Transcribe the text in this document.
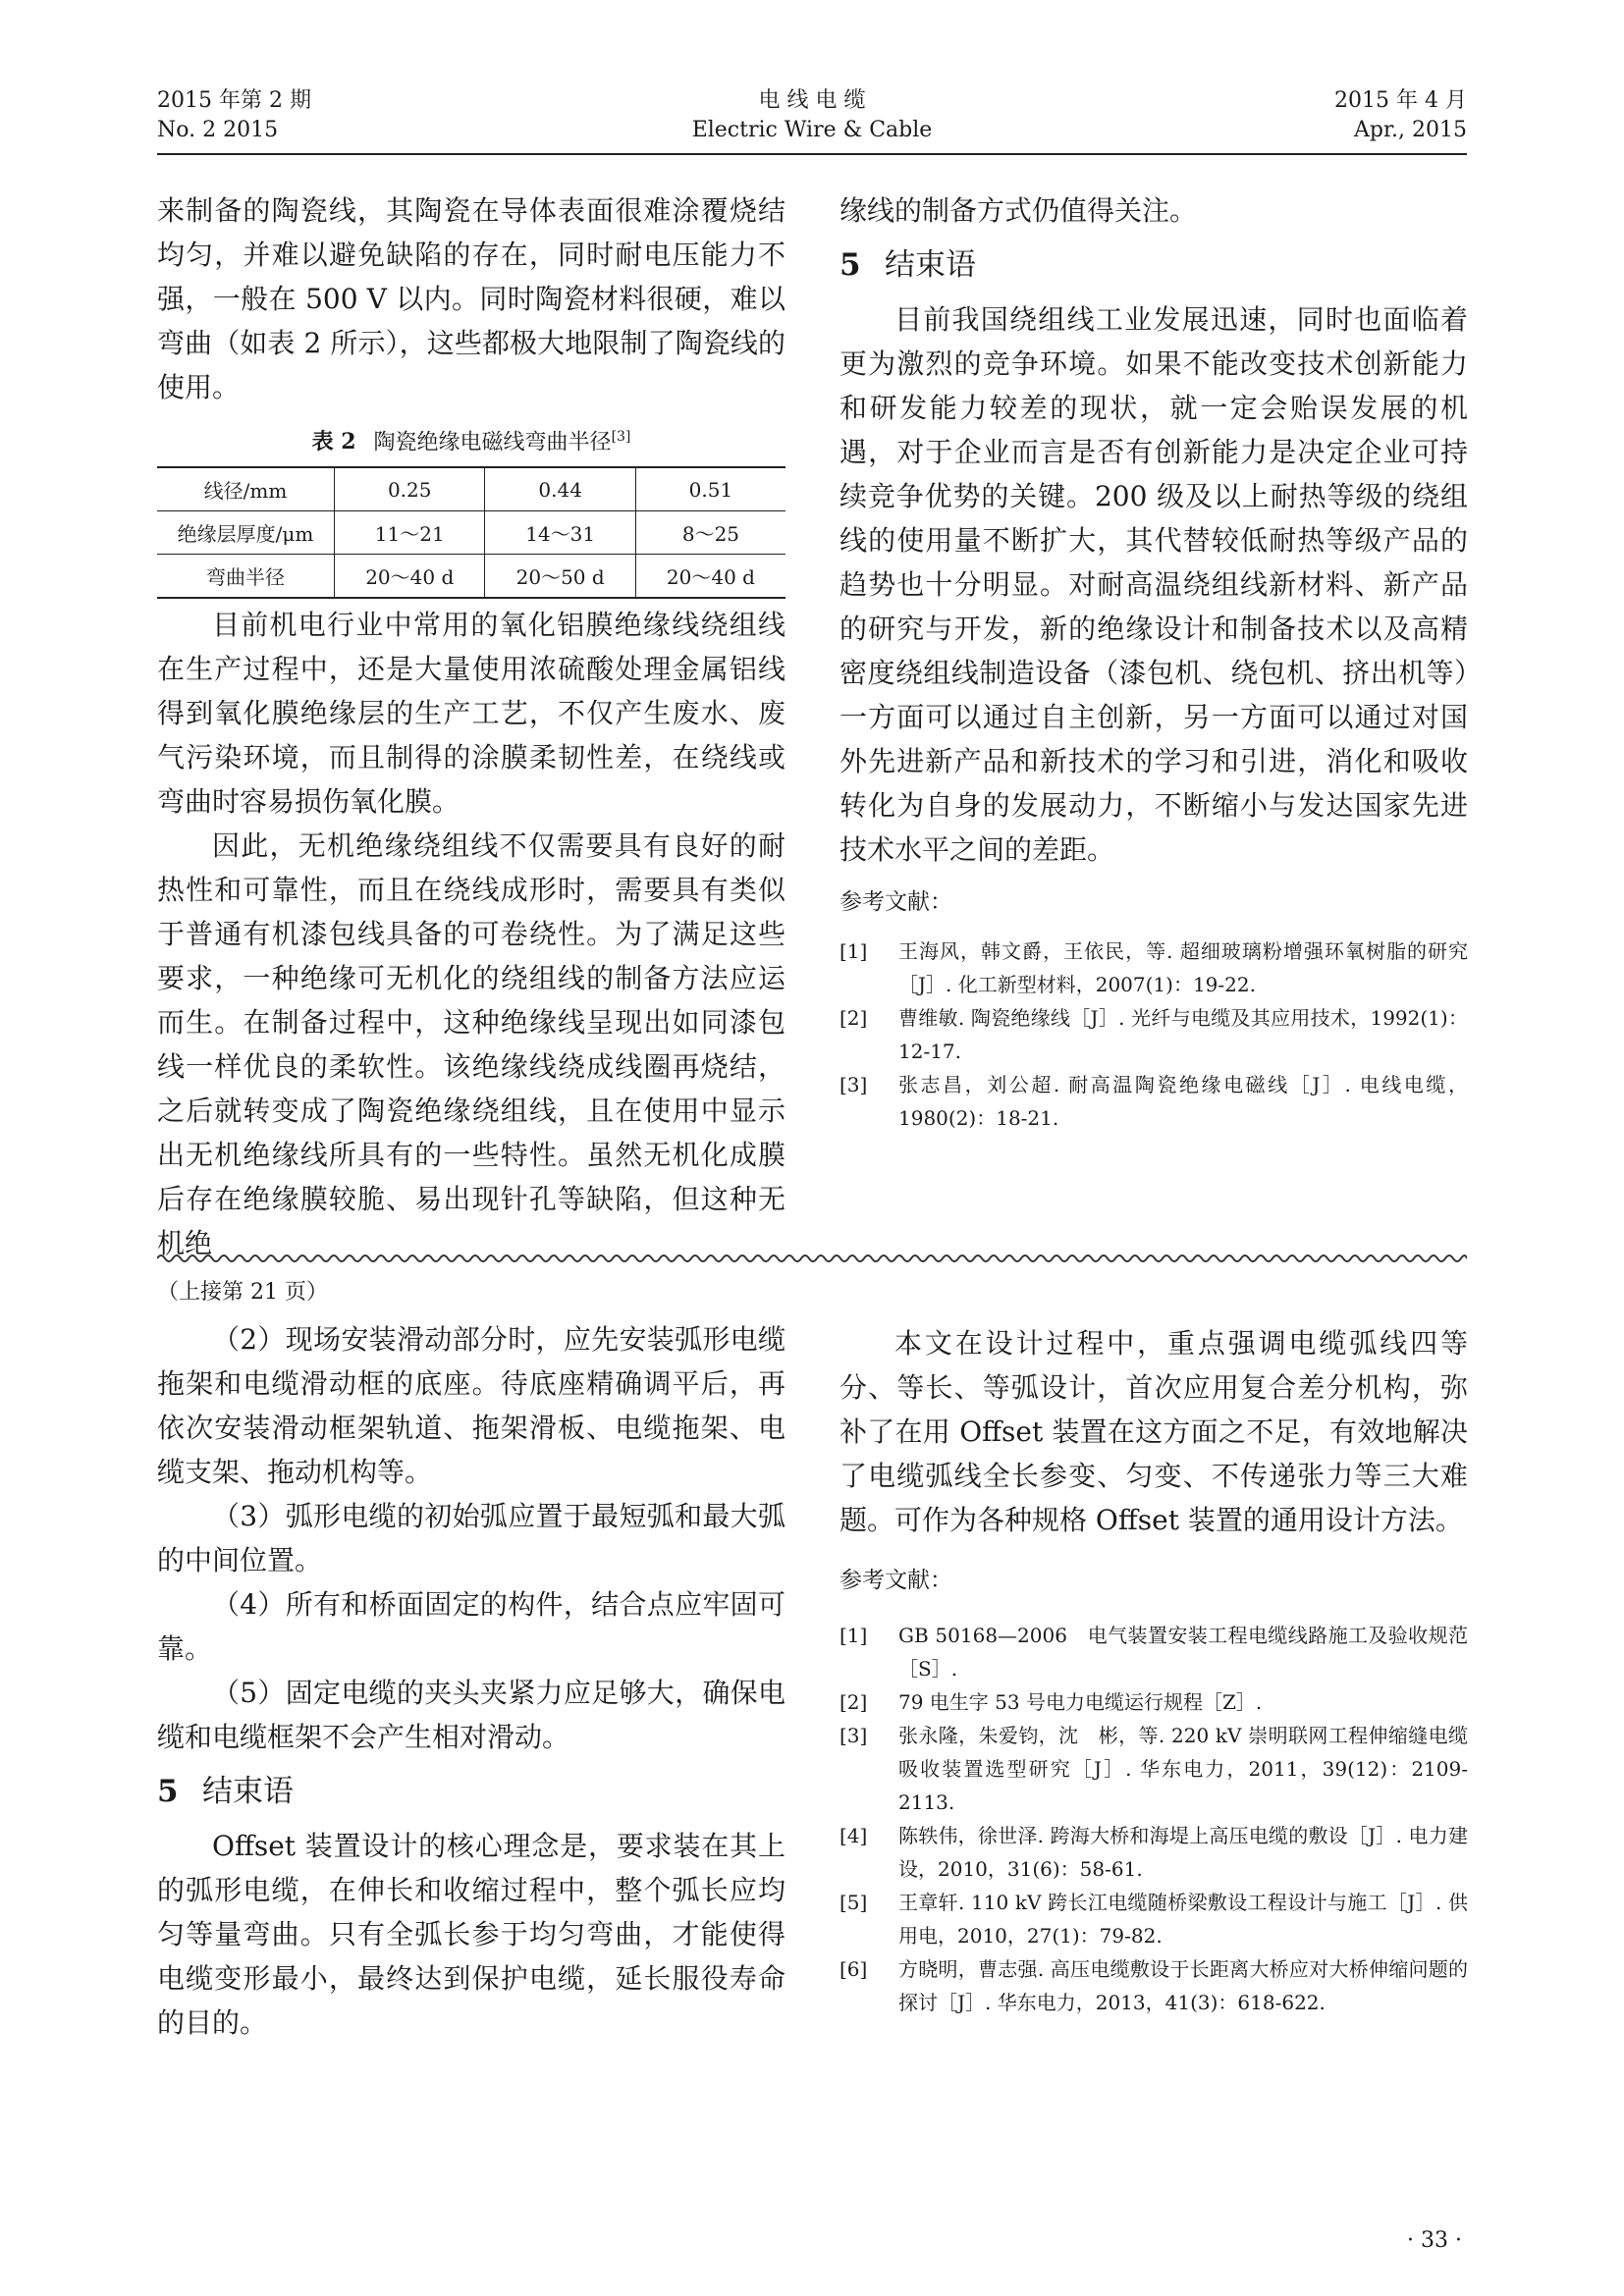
2015 年第 2 期
No. 2 2015
电 线 电 缆
Electric Wire & Cable
2015 年 4 月
Apr., 2015

来制备的陶瓷线，其陶瓷在导体表面很难涂覆烧结均匀，并难以避免缺陷的存在，同时耐电压能力不强，一般在 500 V 以内。同时陶瓷材料很硬，难以弯曲（如表 2 所示），这些都极大地限制了陶瓷线的使用。

表 2 陶瓷绝缘电磁线弯曲半径[3]
线径/mm	0.25	0.44	0.51
绝缘层厚度/μm	11～21	14～31	8～25
弯曲半径	20～40 d	20～50 d	20～40 d

目前机电行业中常用的氧化铝膜绝缘线绕组线在生产过程中，还是大量使用浓硫酸处理金属铝线得到氧化膜绝缘层的生产工艺，不仅产生废水、废气污染环境，而且制得的涂膜柔韧性差，在绕线或弯曲时容易损伤氧化膜。

因此，无机绝缘绕组线不仅需要具有良好的耐热性和可靠性，而且在绕线成形时，需要具有类似于普通有机漆包线具备的可卷绕性。为了满足这些要求，一种绝缘可无机化的绕组线的制备方法应运而生。在制备过程中，这种绝缘线呈现出如同漆包线一样优良的柔软性。该绝缘线绕成线圈再烧结，之后就转变成了陶瓷绝缘绕组线，且在使用中显示出无机绝缘线所具有的一些特性。虽然无机化成膜后存在绝缘膜较脆、易出现针孔等缺陷，但这种无机绝

缘线的制备方式仍值得关注。

5 结束语

目前我国绕组线工业发展迅速，同时也面临着更为激烈的竞争环境。如果不能改变技术创新能力和研发能力较差的现状，就一定会贻误发展的机遇，对于企业而言是否有创新能力是决定企业可持续竞争优势的关键。200 级及以上耐热等级的绕组线的使用量不断扩大，其代替较低耐热等级产品的趋势也十分明显。对耐高温绕组线新材料、新产品的研究与开发，新的绝缘设计和制备技术以及高精密度绕组线制造设备（漆包机、绕包机、挤出机等）一方面可以通过自主创新，另一方面可以通过对国外先进新产品和新技术的学习和引进，消化和吸收转化为自身的发展动力，不断缩小与发达国家先进技术水平之间的差距。

参考文献：
[1]	王海风，韩文爵，王依民，等. 超细玻璃粉增强环氧树脂的研究［J］. 化工新型材料，2007(1)：19-22.
[2]	曹维敏. 陶瓷绝缘线［J］. 光纤与电缆及其应用技术，1992(1)：12-17.
[3]	张志昌，刘公超. 耐高温陶瓷绝缘电磁线［J］. 电线电缆，1980(2)：18-21.
（上接第 21 页）

（2）现场安装滑动部分时，应先安装弧形电缆拖架和电缆滑动框的底座。待底座精确调平后，再依次安装滑动框架轨道、拖架滑板、电缆拖架、电缆支架、拖动机构等。

（3）弧形电缆的初始弧应置于最短弧和最大弧的中间位置。

（4）所有和桥面固定的构件，结合点应牢固可靠。

（5）固定电缆的夹头夹紧力应足够大，确保电缆和电缆框架不会产生相对滑动。

5 结束语

Offset 装置设计的核心理念是，要求装在其上的弧形电缆，在伸长和收缩过程中，整个弧长应均匀等量弯曲。只有全弧长参于均匀弯曲，才能使得电缆变形最小，最终达到保护电缆，延长服役寿命的目的。

本文在设计过程中，重点强调电缆弧线四等分、等长、等弧设计，首次应用复合差分机构，弥补了在用 Offset 装置在这方面之不足，有效地解决了电缆弧线全长参变、匀变、不传递张力等三大难题。可作为各种规格 Offset 装置的通用设计方法。

参考文献：
[1]	GB 50168—2006　电气装置安装工程电缆线路施工及验收规范［S］.
[2]	79 电生字 53 号电力电缆运行规程［Z］.
[3]	张永隆，朱爱钧，沈　彬，等. 220 kV 崇明联网工程伸缩缝电缆吸收装置选型研究［J］. 华东电力，2011，39(12)：2109-2113.
[4]	陈轶伟，徐世泽. 跨海大桥和海堤上高压电缆的敷设［J］. 电力建设，2010，31(6)：58-61.
[5]	王章轩. 110 kV 跨长江电缆随桥梁敷设工程设计与施工［J］. 供用电，2010，27(1)：79-82.
[6]	方晓明，曹志强. 高压电缆敷设于长距离大桥应对大桥伸缩问题的探讨［J］. 华东电力，2013，41(3)：618-622.
· 33 ·
